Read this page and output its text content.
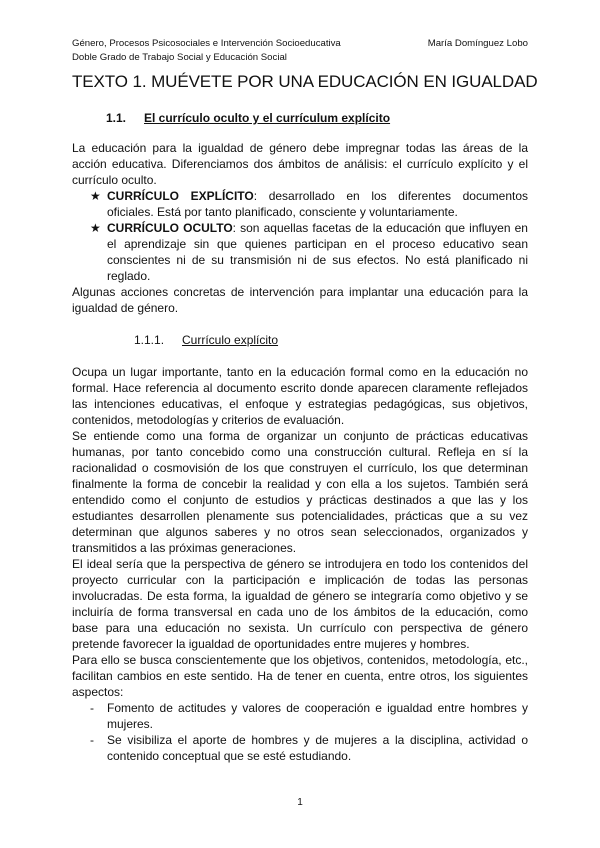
Género, Procesos Psicosociales e Intervención Socioeducativa	María Domínguez Lobo
Doble Grado de Trabajo Social y Educación Social
TEXTO 1. MUÉVETE POR UNA EDUCACIÓN EN IGUALDAD
1.1. El currículo oculto y el currículum explícito

La educación para la igualdad de género debe impregnar todas las áreas de la acción educativa. Diferenciamos dos ámbitos de análisis: el currículo explícito y el currículo oculto.

★ CURRÍCULO EXPLÍCITO: desarrollado en los diferentes documentos oficiales. Está por tanto planificado, consciente y voluntariamente.
★ CURRÍCULO OCULTO: son aquellas facetas de la educación que influyen en el aprendizaje sin que quienes participan en el proceso educativo sean conscientes ni de su transmisión ni de sus efectos. No está planificado ni reglado.

Algunas acciones concretas de intervención para implantar una educación para la igualdad de género.

1.1.1. Currículo explícito

Ocupa un lugar importante, tanto en la educación formal como en la educación no formal. Hace referencia al documento escrito donde aparecen claramente reflejados las intenciones educativas, el enfoque y estrategias pedagógicas, sus objetivos, contenidos, metodologías y criterios de evaluación.

Se entiende como una forma de organizar un conjunto de prácticas educativas humanas, por tanto concebido como una construcción cultural. Refleja en sí la racionalidad o cosmovisión de los que construyen el currículo, los que determinan finalmente la forma de concebir la realidad y con ella a los sujetos. También será entendido como el conjunto de estudios y prácticas destinados a que las y los estudiantes desarrollen plenamente sus potencialidades, prácticas que a su vez determinan que algunos saberes y no otros sean seleccionados, organizados y transmitidos a las próximas generaciones.

El ideal sería que la perspectiva de género se introdujera en todo los contenidos del proyecto curricular con la participación e implicación de todas las personas involucradas. De esta forma, la igualdad de género se integraría como objetivo y se incluiría de forma transversal en cada uno de los ámbitos de la educación, como base para una educación no sexista. Un currículo con perspectiva de género pretende favorecer la igualdad de oportunidades entre mujeres y hombres.

Para ello se busca conscientemente que los objetivos, contenidos, metodología, etc., facilitan cambios en este sentido. Ha de tener en cuenta, entre otros, los siguientes aspectos:

- Fomento de actitudes y valores de cooperación e igualdad entre hombres y mujeres.
- Se visibiliza el aporte de hombres y de mujeres a la disciplina, actividad o contenido conceptual que se esté estudiando.
1
